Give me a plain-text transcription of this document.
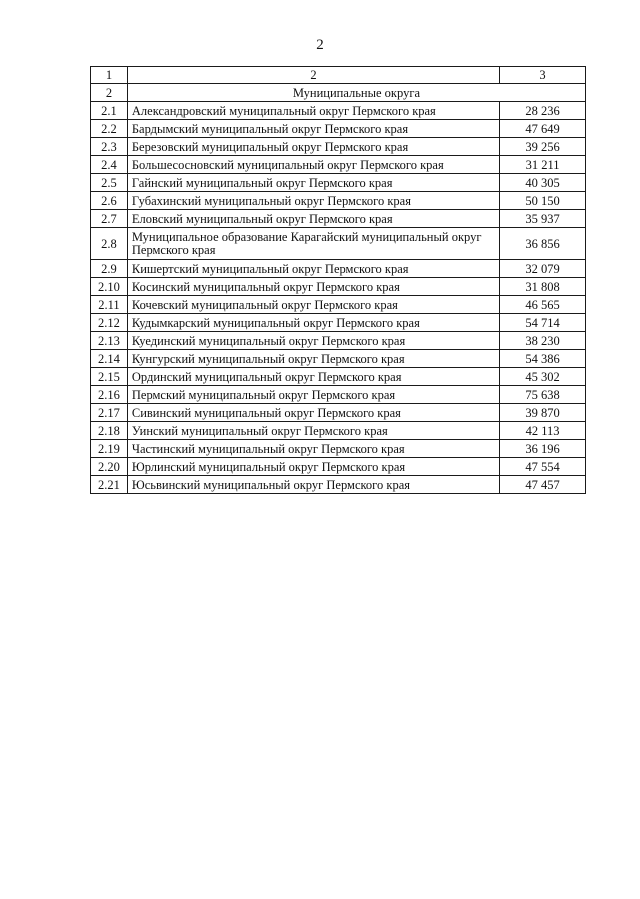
2
1	2	3
2	Муниципальные округа	
2.1	Александровский муниципальный округ Пермского края	28 236
2.2	Бардымский муниципальный округ Пермского края	47 649
2.3	Березовский муниципальный округ Пермского края	39 256
2.4	Большесосновский муниципальный округ Пермского края	31 211
2.5	Гайнский муниципальный округ Пермского края	40 305
2.6	Губахинский муниципальный округ Пермского края	50 150
2.7	Еловский муниципальный округ Пермского края	35 937
2.8	Муниципальное образование Карагайский муниципальный округ Пермского края	36 856
2.9	Кишертский муниципальный округ Пермского края	32 079
2.10	Косинский муниципальный округ Пермского края	31 808
2.11	Кочевский муниципальный округ Пермского края	46 565
2.12	Кудымкарский муниципальный округ Пермского края	54 714
2.13	Куединский муниципальный округ Пермского края	38 230
2.14	Кунгурский муниципальный округ Пермского края	54 386
2.15	Ординский муниципальный округ Пермского края	45 302
2.16	Пермский муниципальный округ Пермского края	75 638
2.17	Сивинский муниципальный округ Пермского края	39 870
2.18	Уинский муниципальный округ Пермского края	42 113
2.19	Частинский муниципальный округ Пермского края	36 196
2.20	Юрлинский муниципальный округ Пермского края	47 554
2.21	Юсьвинский муниципальный округ Пермского края	47 457
